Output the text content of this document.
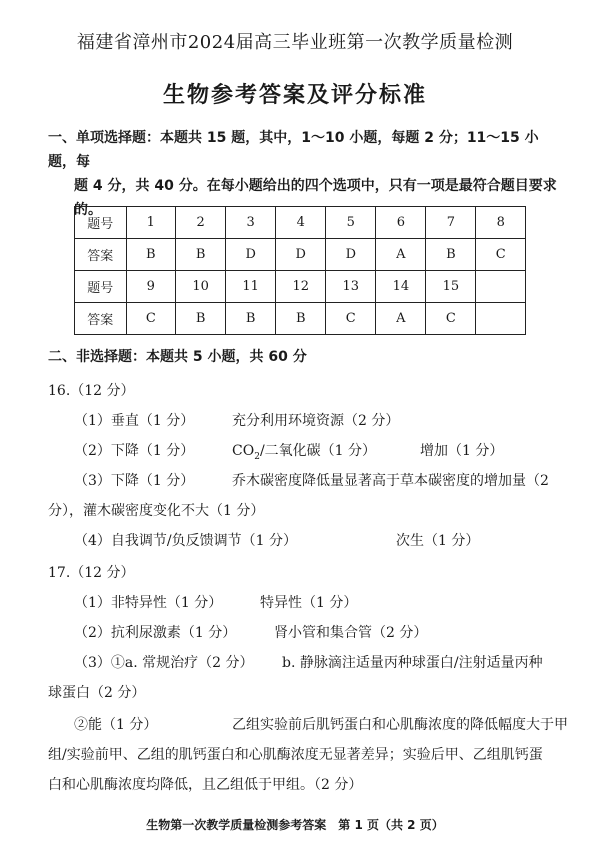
福建省漳州市2024届高三毕业班第一次教学质量检测
生物参考答案及评分标准
一、单项选择题：本题共 15 题，其中，1～10 小题，每题 2 分；11～15 小题，每
题 4 分，共 40 分。在每小题给出的四个选项中，只有一项是最符合题目要求
的。
题号	1	2	3	4	5	6	7	8
答案	B	B	D	D	D	A	B	C
题号	9	10	11	12	13	14	15	
答案	C	B	B	B	C	A	C	
二、非选择题：本题共 5 小题，共 60 分
16.（12 分）
（1）垂直（1 分）	充分利用环境资源（2 分）
（2）下降（1 分）	$CO_2/$二氧化碳（1 分）	增加（1 分）
（3）下降（1 分）	乔木碳密度降低量显著高于草本碳密度的增加量（2
分），灌木碳密度变化不大（1 分）
（4）自我调节/负反馈调节（1 分）	次生（1 分）
17.（12 分）
（1）非特异性（1 分）	特异性（1 分）
（2）抗利尿激素（1 分）	肾小管和集合管（2 分）
（3）①a. 常规治疗（2 分） b. 静脉滴注适量丙种球蛋白/注射适量丙种
球蛋白（2 分）
②能（1 分）	乙组实验前后肌钙蛋白和心肌酶浓度的降低幅度大于甲
组/实验前甲、乙组的肌钙蛋白和心肌酶浓度无显著差异；实验后甲、乙组肌钙蛋
白和心肌酶浓度均降低，且乙组低于甲组。（2 分）
生物第一次教学质量检测参考答案　第 1 页（共 2 页）
